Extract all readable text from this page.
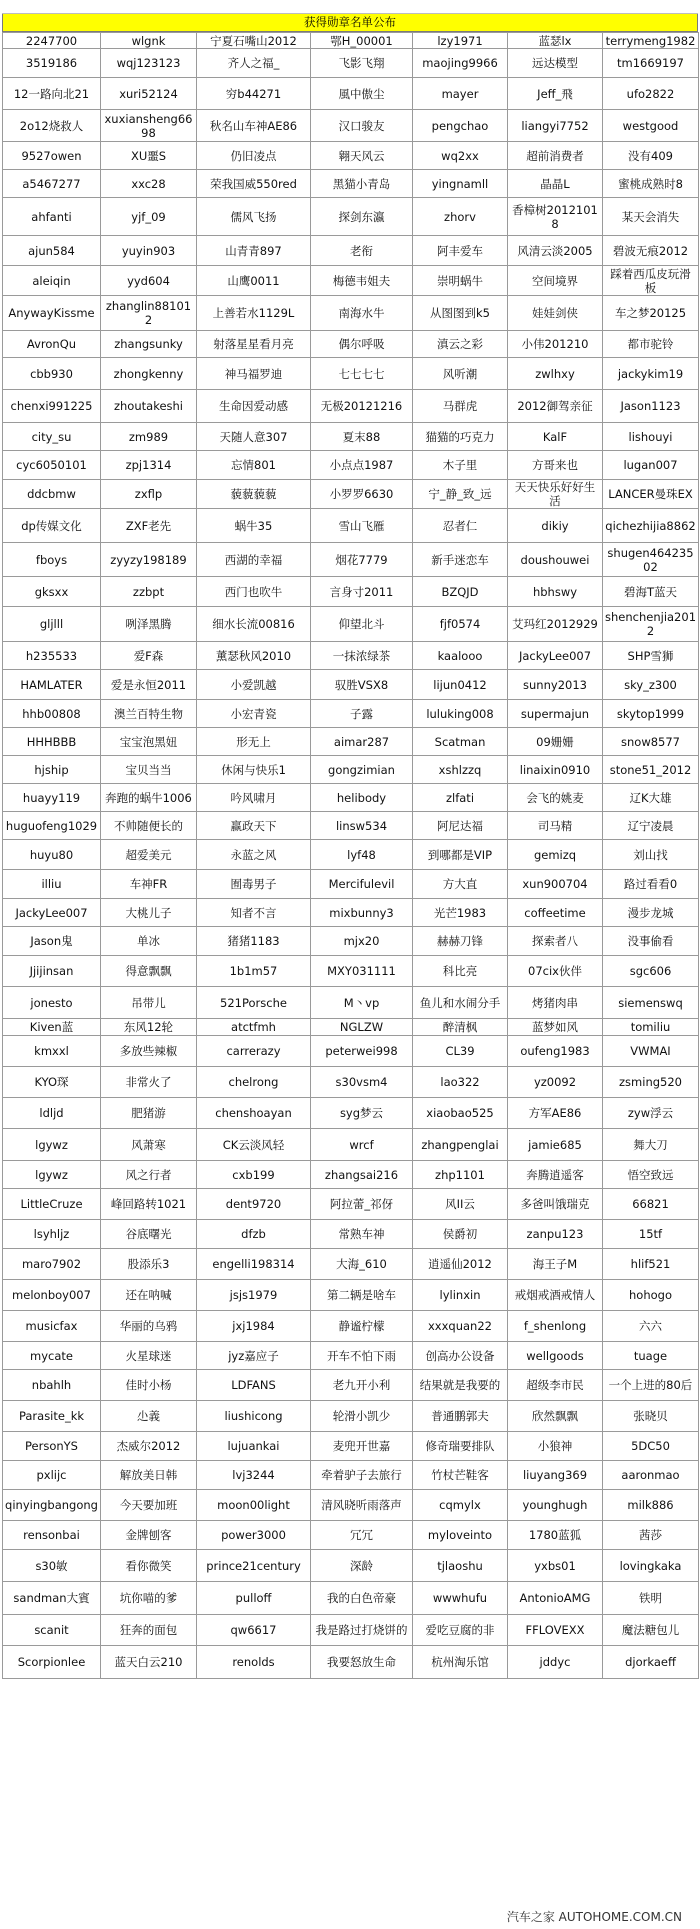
获得勋章名单公布
2247700	wlgnk	宁夏石嘴山2012	鄂H_00001	lzy1971	蓝瑟lx	terrymeng1982
3519186	wqj123123	齐人之福_	飞影飞翔	maojing9966	远达模型	tm1669197
12一路向北21	xuri52124	穷b44271	風中傲尘	mayer	Jeff_飛	ufo2822
2o12烧救人	xuxiansheng6698	秋名山车神AE86	汉口骏友	pengchao	liangyi7752	westgood
9527owen	XU噩S	仍旧凌点	翱天风云	wq2xx	超前消费者	没有409
a5467277	xxc28	荣我国威550red	黑猫小青岛	yingnamll	晶晶L	蜜桃成熟时8
ahfanti	yjf_09	儒风飞扬	探剑东瀛	zhorv	香樟树20121018	某天会消失
ajun584	yuyin903	山青青897	老衔	阿丰爱车	风清云淡2005	碧波无痕2012
aleiqin	yyd604	山鹰0011	梅德韦姐夫	崇明蜗牛	空间境界	踩着西瓜皮玩滑板
AnywayKissme	zhanglin881012	上善若水1129L	南海水牛	从图图到k5	娃娃剑侠	车之梦20125
AvronQu	zhangsunky	射落星星看月亮	偶尔呼吸	滇云之彩	小伟201210	都市驼铃
cbb930	zhongkenny	神马福罗迪	七七七七	风听潮	zwlhxy	jackykim19
chenxi991225	zhoutakeshi	生命因爱动感	无极20121216	马群虎	2012御驾亲征	Jason1123
city_su	zm989	天随人意307	夏末88	猫猫的巧克力	KalF	lishouyi
cyc6050101	zpj1314	忘情801	小点点1987	木子里	方哥来也	lugan007
ddcbmw	zxflp	藐藐藐藐	小罗罗6630	宁_静_致_远	天天快乐好好生活	LANCER曼珠EX
dp传媒文化	ZXF老先	蜗牛35	雪山飞雁	忍者仁	dikiy	qichezhijia8862
fboys	zyyzy198189	西湖的幸福	烟花7779	新手迷恋车	doushouwei	shugen46423502
gksxx	zzbpt	西门也吹牛	言身寸2011	BZQJD	hbhswy	碧海T蓝天
gljlll	咧泽黑腾	细水长流00816	仰望北斗	fjf0574	艾玛红2012929	shenchenjia2012
h235533	爱F森	薰瑟秋风2010	一抹浓绿茶	kaalooo	JackyLee007	SHP雪狮
HAMLATER	爱是永恒2011	小爱凯越	驭胜VSX8	lijun0412	sunny2013	sky_z300
hhb00808	澳兰百特生物	小宏青瓷	子露	luluking008	supermajun	skytop1999
HHHBBB	宝宝泡黑妞	形无上	aimar287	Scatman	09姗姗	snow8577
hjship	宝贝当当	休闲与快乐1	gongzimian	xshlzzq	linaixin0910	stone51_2012
huayy119	奔跑的蜗牛1006	吟风啸月	helibody	zlfati	会飞的姚麦	辽K大雄
huguofeng1029	不帅随便长的	赢政天下	linsw534	阿尼达福	司马精	辽宁凌晨
huyu80	超爱美元	永蓝之风	lyf48	到哪都是VIP	gemizq	刘山找
illiu	车神FR	囿毒男子	Mercifulevil	方大直	xun900704	路过看看0
JackyLee007	大桃儿子	知者不言	mixbunny3	光芒1983	coffeetime	漫步龙城
Jason鬼	单冰	猪猪1183	mjx20	赫赫刀锋	探索者八	没事偷看
Jjijinsan	得意飘飘	1b1m57	MXY031111	科比亮	07cix伙伴	sgc606
jonesto	吊带儿	521Porsche	M丶vp	鱼儿和水闹分手	烤猪肉串	siemenswq
Kiven蓝	东风12轮	atctfmh	NGLZW	醉清枫	蓝梦如风	tomiliu
kmxxl	多放些辣椒	carrerazy	peterwei998	CL39	oufeng1983	VWMAI
KYO琛	非常火了	chelrong	s30vsm4	lao322	yz0092	zsming520
ldljd	肥猪游	chenshoayan	syg梦云	xiaobao525	方军AE86	zyw浮云
lgywz	风萧寒	CK云淡风轻	wrcf	zhangpenglai	jamie685	舞大刀
lgywz	风之行者	cxb199	zhangsai216	zhp1101	奔腾逍遥客	悟空致远
LittleCruze	峰回路转1021	dent9720	阿拉蕾_祁伢	风II云	多爸叫饿瑞克	66821
lsyhljz	谷底曙光	dfzb	常熟车神	侯爵初	zanpu123	15tf
maro7902	股添乐3	engelli198314	大海_610	逍遥仙2012	海王子M	hlif521
melonboy007	还在呐喊	jsjs1979	第二辆是啥车	lylinxin	戒烟戒酒戒情人	hohogo
musicfax	华丽的乌鸦	jxj1984	静谧柠檬	xxxquan22	f_shenlong	六六
mycate	火星球迷	jyz嘉应子	开车不怕下雨	创高办公设备	wellgoods	tuage
nbahlh	佳时小杨	LDFANS	老九开小利	结果就是我要的	超级李市民	一个上进的80后
Parasite_kk	尐義	liushicong	轮滑小凯少	普通鹏郭夫	欣然飘飘	张晓贝
PersonYS	杰威尔2012	lujuankai	麦兜开世嘉	修奇瑞要排队	小狼神	5DC50
pxlijc	解放美日韩	lvj3244	牵着驴子去旅行	竹杖芒鞋客	liuyang369	aaronmao
qinyingbangong	今天要加班	moon00light	清风晓听雨落声	cqmylx	younghugh	milk886
rensonbai	金牌刨客	power3000	冗冗	myloveinto	1780蓝狐	茜莎
s30敏	看你微笑	prince21century	深龄	tjlaoshu	yxbs01	lovingkaka
sandman大賓	坑你喵的爹	pulloff	我的白色帝豪	wwwhufu	AntonioAMG	铁明
scanit	狂奔的面包	qw6617	我是路过打烧饼的	爱吃豆腐的非	FFLOVEXX	魔法糖包儿
Scorpionlee	蓝天白云210	renolds	我要怒放生命	杭州淘乐馆	jddyc	djorkaeff
汽车之家 AUTOHOME.COM.CN
